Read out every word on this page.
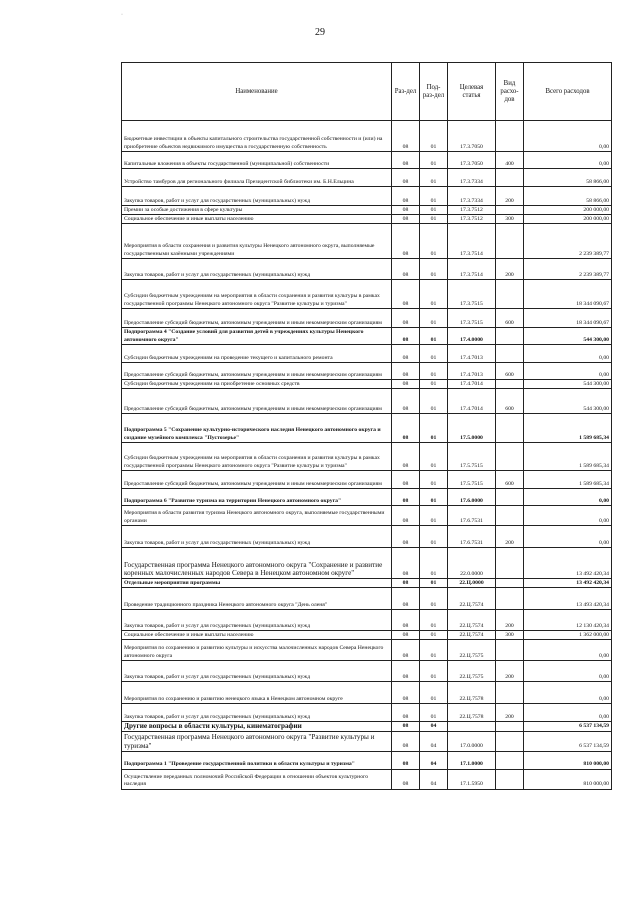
·
29
Наименование	Раз-дел	Под-раз-дел	Целевая статья	Вид расхо-дов	Всего расходов
Бюджетные инвестиции в объекты капитального строительства государственной собственности и (или) на приобретение объектов недвижимого имущества в государственную собственность	08	01	17.3.7050		0,00
Капитальные вложения в объекты государственной (муниципальной) собственности	08	01	17.3.7050	400	0,00
Устройство тамбуров для регионального филиала Президентской библиотеки им. Б.Н.Ельцина	08	01	17.3.7334		58 866,00
Закупка товаров, работ и услуг для государственных (муниципальных) нужд	08	01	17.3.7334	200	58 866,00
Премии за особые достижения в сфере культуры	08	01	17.3.7512		200 000,00
Социальное обеспечение и иные выплаты населению	08	01	17.3.7512	300	200 000,00
Мероприятия в области сохранения и развития культуры Ненецкого автономного округа, выполняемые государственными казёнными учреждениями	08	01	17.3.7514		2 239 389,77
Закупка товаров, работ и услуг для государственных (муниципальных) нужд	08	01	17.3.7514	200	2 239 389,77
Субсидии бюджетным учреждениям на мероприятия в области сохранения и развития культуры в рамках государственной программы Ненецкого автономного округа "Развитие культуры и туризма"	08	01	17.3.7515		18 344 090,67
Предоставление субсидий бюджетным, автономным учреждениям и иным некоммерческим организациям	08	01	17.3.7515	600	18 344 090,67
Подпрограмма 4 "Создание условий для развития детей в учреждениях культуры Ненецкого автономного округа"	08	01	17.4.0000		544 300,00
Субсидии бюджетным учреждениям на проведение текущего и капитального ремонта	08	01	17.4.7013		0,00
Предоставление субсидий бюджетным, автономным учреждениям и иным некоммерческим организациям	08	01	17.4.7013	600	0,00
Субсидии бюджетным учреждениям на приобретение основных средств	08	01	17.4.7014		544 300,00
Предоставление субсидий бюджетным, автономным учреждениям и иным некоммерческим организациям	08	01	17.4.7014	600	544 300,00
Подпрограмма 5 "Сохранение культурно-исторического наследия Ненецкого автономного округа и создание музейного комплекса "Пустозерье"	08	01	17.5.0000		1 589 685,34
Субсидии бюджетным учреждениям на мероприятия в области сохранения и развития культуры в рамках государственной программы Ненецкого автономного округа "Развитие культуры и туризма"	08	01	17.5.7515		1 589 685,34
Предоставление субсидий бюджетным, автономным учреждениям и иным некоммерческим организациям	08	01	17.5.7515	600	1 589 685,34
Подпрограмма 6 "Развитие туризма на территории Ненецкого автономного округа"	08	01	17.6.0000		0,00
Мероприятия в области развития туризма Ненецкого автономного округа, выполняемые государственными органами	08	01	17.6.7531		0,00
Закупка товаров, работ и услуг для государственных (муниципальных) нужд	08	01	17.6.7531	200	0,00
Государственная программа Ненецкого автономного округа "Сохранение и развитие коренных малочисленных народов Севера в Ненецком автономном округе"	08	01	22.0.0000		13 492 420,34
Отдельные мероприятия программы	08	01	22.Ц.0000		13 492 420,34
Проведение традиционного праздника Ненецкого автономного округа "День оленя"	08	01	22.Ц.7574		13 493 420,34
Закупка товаров, работ и услуг для государственных (муниципальных) нужд	08	01	22.Ц.7574	200	12 130 420,34
Социальное обеспечение и иные выплаты населению	08	01	22.Ц.7574	300	1 362 000,00
Мероприятия по сохранению и развитию культуры и искусства малочисленных народов Севера Ненецкого автономного округа	08	01	22.Ц.7575		0,00
Закупка товаров, работ и услуг для государственных (муниципальных) нужд	08	01	22.Ц.7575	200	0,00
Мероприятия по сохранению и развитию ненецкого языка в Ненецком автономном округе	08	01	22.Ц.7578		0,00
Закупка товаров, работ и услуг для государственных (муниципальных) нужд	08	01	22.Ц.7578	200	0,00
Другие вопросы в области культуры, кинематографии	08	04			6 537 134,59
Государственная программа Ненецкого автономного округа "Развитие культуры и туризма"	08	04	17.0.0000		6 537 134,59
Подпрограмма 1 "Проведение государственной политики в области культуры и туризма"	08	04	17.1.0000		810 000,00
Осуществление переданных полномочий Российской Федерации в отношении объектов культурного наследия	08	04	17.1.5950		810 000,00
